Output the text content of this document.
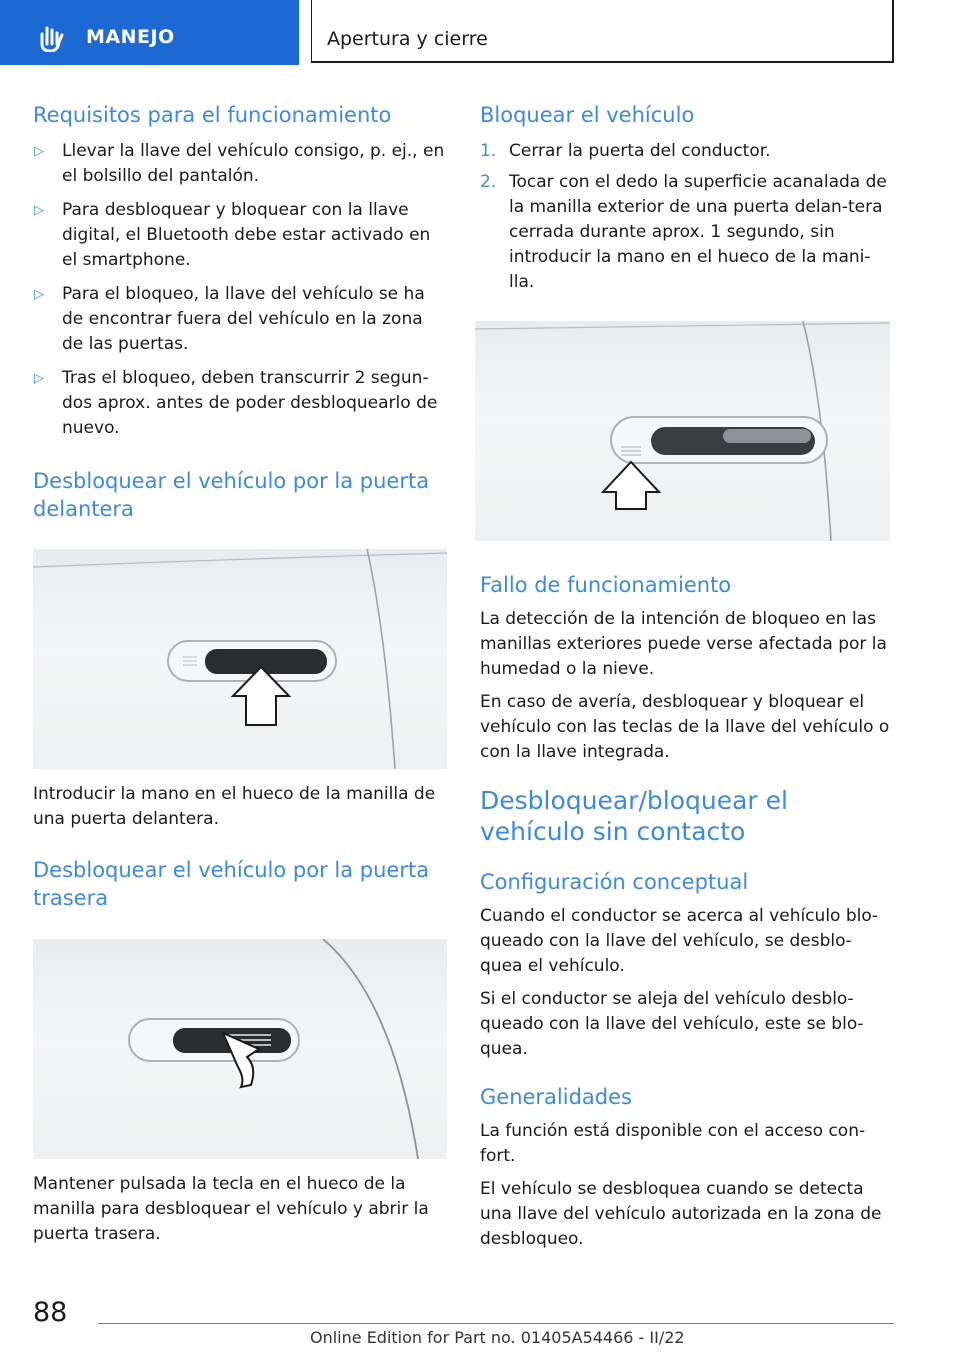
MANEJO	Apertura y cierre
Requisitos para el funcionamiento
▷ Llevar la llave del vehículo consigo, p. ej., en el bolsillo del pantalón.
▷ Para desbloquear y bloquear con la llave digital, el Bluetooth debe estar activado en el smartphone.
▷ Para el bloqueo, la llave del vehículo se ha de encontrar fuera del vehículo en la zona de las puertas.
▷ Tras el bloqueo, deben transcurrir 2 segun‐dos aprox. antes de poder desbloquearlo de nuevo.
Desbloquear el vehículo por la puerta delantera

Introducir la mano en el hueco de la manilla de una puerta delantera.

Desbloquear el vehículo por la puerta trasera

Mantener pulsada la tecla en el hueco de la manilla para desbloquear el vehículo y abrir la puerta trasera.

Bloquear el vehículo
1. Cerrar la puerta del conductor.
2. Tocar con el dedo la superficie acanalada de la manilla exterior de una puerta delan‐tera cerrada durante aprox. 1 segundo, sin introducir la mano en el hueco de la mani‐lla.
Fallo de funcionamiento

La detección de la intención de bloqueo en las manillas exteriores puede verse afectada por la humedad o la nieve.

En caso de avería, desbloquear y bloquear el vehículo con las teclas de la llave del vehículo o con la llave integrada.

Desbloquear/bloquear el vehículo sin contacto
Configuración conceptual

Cuando el conductor se acerca al vehículo blo‐queado con la llave del vehículo, se desblo‐quea el vehículo.

Si el conductor se aleja del vehículo desblo‐queado con la llave del vehículo, este se blo‐quea.

Generalidades

La función está disponible con el acceso con‐fort.

El vehículo se desbloquea cuando se detecta una llave del vehículo autorizada en la zona de desbloqueo.

88
Online Edition for Part no. 01405A54466 - II/22
